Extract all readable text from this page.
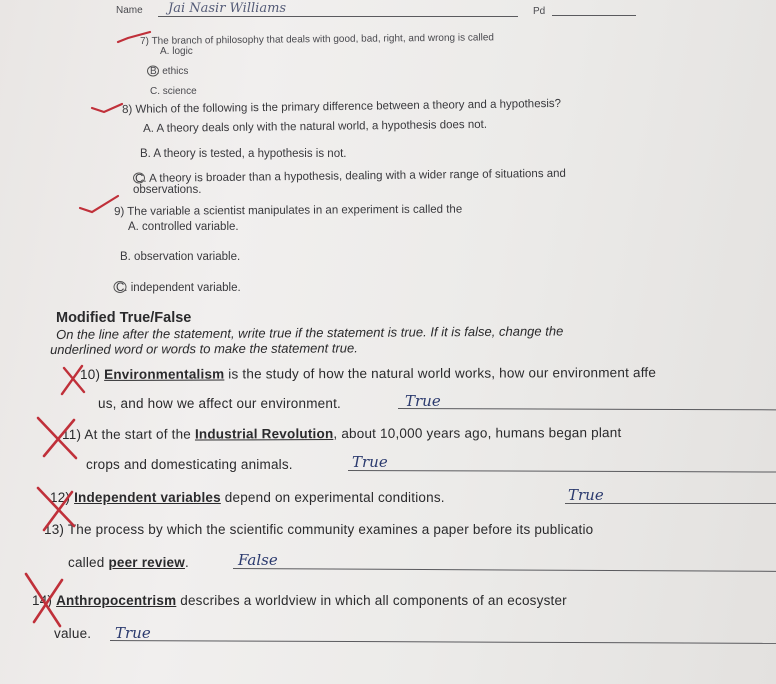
Name Jai Nasir Williams	Pd
7) The branch of philosophy that deals with good, bad, right, and wrong is called
A. logic
B. ethics
C. science
8) Which of the following is the primary difference between a theory and a hypothesis?
A. A theory deals only with the natural world, a hypothesis does not.
B. A theory is tested, a hypothesis is not.
C. A theory is broader than a hypothesis, dealing with a wider range of situations and
observations.
9) The variable a scientist manipulates in an experiment is called the
A. controlled variable.
B. observation variable.
C. independent variable.
Modified True/False
On the line after the statement, write true if the statement is true. If it is false, change the
underlined word or words to make the statement true.
10) Environmentalism is the study of how the natural world works, how our environment affe
us, and how we affect our environment.	True
11) At the start of the Industrial Revolution, about 10,000 years ago, humans began plant
crops and domesticating animals.	True
12) Independent variables depend on experimental conditions.	True
13) The process by which the scientific community examines a paper before its publicatio
called peer review.	False
14) Anthropocentrism describes a worldview in which all components of an ecosyster
value. True
